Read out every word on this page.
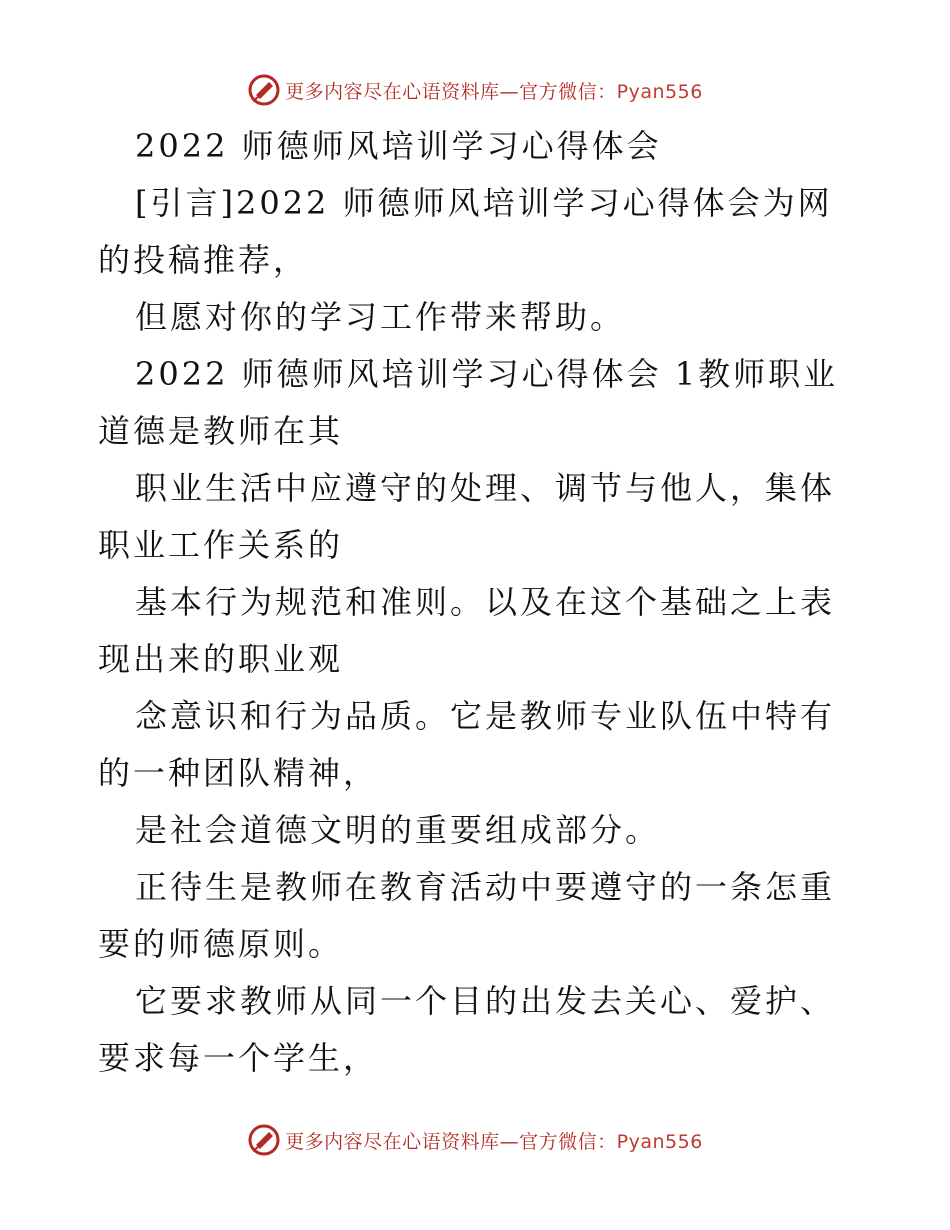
更多内容尽在心语资料库—官方微信：Pyan556

2022 师德师风培训学习心得体会

[引言]2022 师德师风培训学习心得体会为网的投稿推荐，

但愿对你的学习工作带来帮助。

2022 师德师风培训学习心得体会 1教师职业道德是教师在其

职业生活中应遵守的处理、调节与他人，集体职业工作关系的

基本行为规范和准则。以及在这个基础之上表现出来的职业观

念意识和行为品质。它是教师专业队伍中特有的一种团队精神，

是社会道德文明的重要组成部分。

正待生是教师在教育活动中要遵守的一条怎重要的师德原则。

它要求教师从同一个目的出发去关心、爱护、要求每一个学生，

更多内容尽在心语资料库—官方微信：Pyan556
